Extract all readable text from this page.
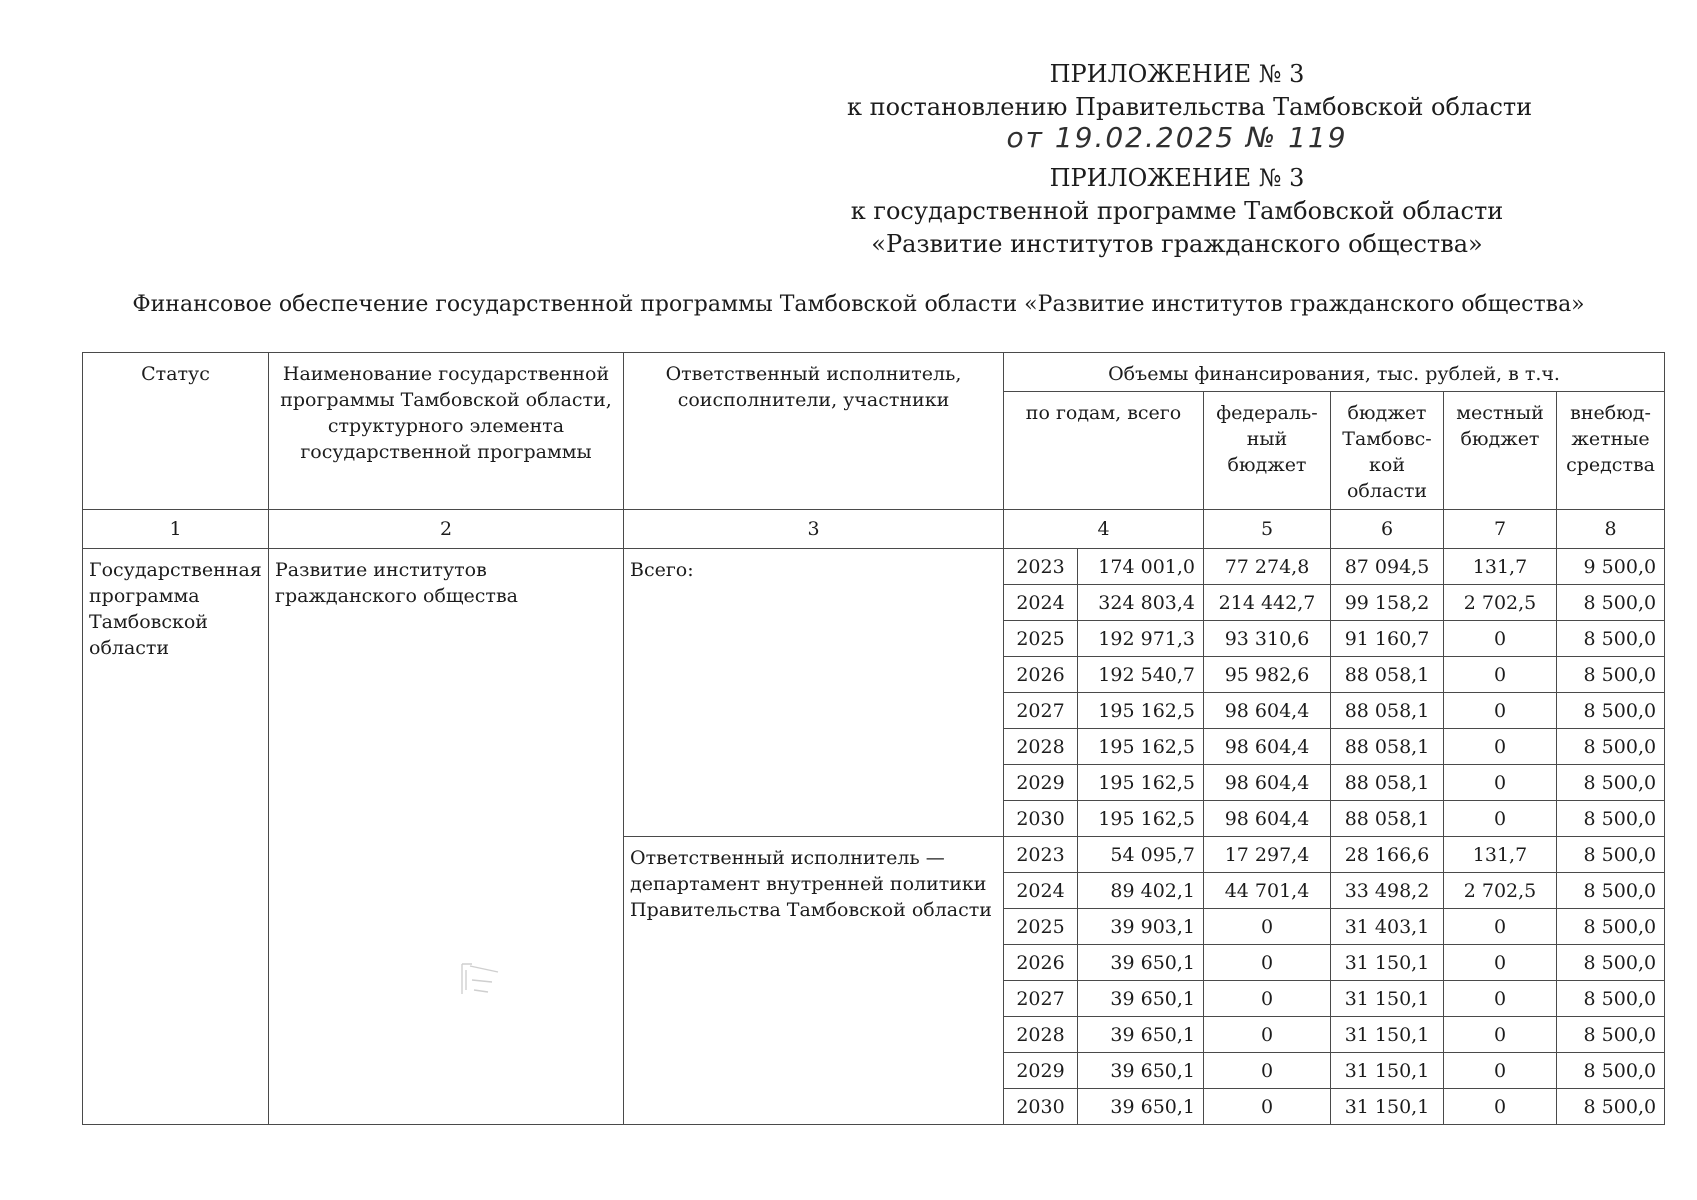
ПРИЛОЖЕНИЕ № 3
к постановлению Правительства Тамбовской области
от 19.02.2025 № 119
ПРИЛОЖЕНИЕ № 3
к государственной программе Тамбовской области
«Развитие институтов гражданского общества»
Финансовое обеспечение государственной программы Тамбовской области «Развитие институтов гражданского общества»
Статус	Наименование государственной программы Тамбовской области, структурного элемента государственной программы	Ответственный исполнитель, соисполнители, участники	Объемы финансирования, тыс. рублей, в т.ч.					
			по годам, всего		федераль-ный бюджет	бюджет Тамбовс-кой области	местный бюджет	внебюд-жетные средства
1	2	3	4		5	6	7	8
Государственная программа Тамбовской области	Развитие институтов гражданского общества	Всего:	2023	174 001,0	77 274,8	87 094,5	131,7	9 500,0
			2024	324 803,4	214 442,7	99 158,2	2 702,5	8 500,0
			2025	192 971,3	93 310,6	91 160,7	0	8 500,0
			2026	192 540,7	95 982,6	88 058,1	0	8 500,0
			2027	195 162,5	98 604,4	88 058,1	0	8 500,0
			2028	195 162,5	98 604,4	88 058,1	0	8 500,0
			2029	195 162,5	98 604,4	88 058,1	0	8 500,0
			2030	195 162,5	98 604,4	88 058,1	0	8 500,0
		Ответственный исполнитель — департамент внутренней политики Правительства Тамбовской области	2023	54 095,7	17 297,4	28 166,6	131,7	8 500,0
			2024	89 402,1	44 701,4	33 498,2	2 702,5	8 500,0
			2025	39 903,1	0	31 403,1	0	8 500,0
			2026	39 650,1	0	31 150,1	0	8 500,0
			2027	39 650,1	0	31 150,1	0	8 500,0
			2028	39 650,1	0	31 150,1	0	8 500,0
			2029	39 650,1	0	31 150,1	0	8 500,0
			2030	39 650,1	0	31 150,1	0	8 500,0
